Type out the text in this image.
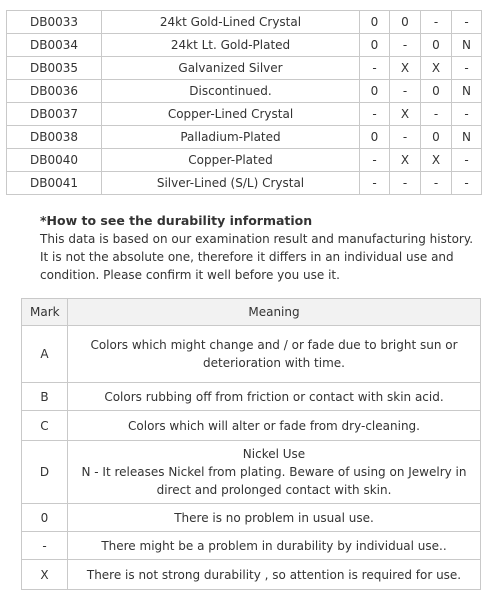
DB0033	24kt Gold-Lined Crystal	0	0	-	-
DB0034	24kt Lt. Gold-Plated	0	-	0	N
DB0035	Galvanized Silver	-	X	X	-
DB0036	Discontinued.	0	-	0	N
DB0037	Copper-Lined Crystal	-	X	-	-
DB0038	Palladium-Plated	0	-	0	N
DB0040	Copper-Plated	-	X	X	-
DB0041	Silver-Lined (S/L) Crystal	-	-	-	-
*How to see the durability information
This data is based on our examination result and manufacturing history. It is not the absolute one, therefore it differs in an individual use and condition. Please confirm it well before you use it.
Mark	Meaning
A	Colors which might change and / or fade due to bright sun or deterioration with time.
B	Colors rubbing off from friction or contact with skin acid.
C	Colors which will alter or fade from dry-cleaning.
D	Nickel Use
N - It releases Nickel from plating. Beware of using on Jewelry in direct and prolonged contact with skin.

0	There is no problem in usual use.
-	There might be a problem in durability by individual use..
X	There is not strong durability , so attention is required for use.
